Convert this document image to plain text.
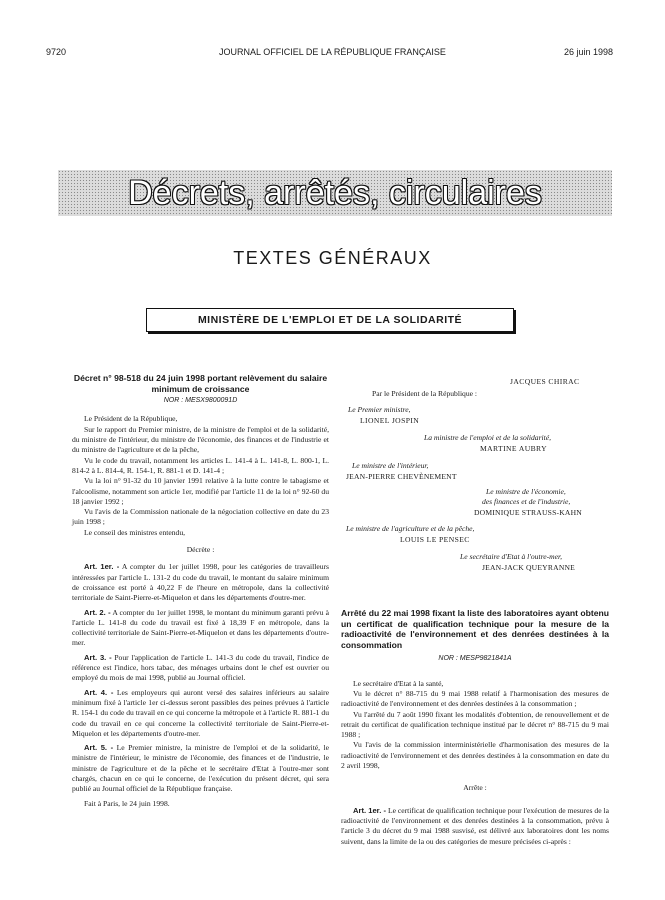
9720	JOURNAL OFFICIEL DE LA RÉPUBLIQUE FRANÇAISE	26 juin 1998
Décrets, arrêtés, circulaires
TEXTES GÉNÉRAUX
MINISTÈRE DE L'EMPLOI ET DE LA SOLIDARITÉ
Décret n° 98-518 du 24 juin 1998 portant relèvement du salaire minimum de croissance
NOR : MESX9800091D

Le Président de la République,

Sur le rapport du Premier ministre, de la ministre de l'emploi et de la solidarité, du ministre de l'intérieur, du ministre de l'économie, des finances et de l'industrie et du ministre de l'agriculture et de la pêche,

Vu le code du travail, notamment les articles L. 141-4 à L. 141-8, L. 800-1, L. 814-2 à L. 814-4, R. 154-1, R. 881-1 et D. 141-4 ;

Vu la loi n° 91-32 du 10 janvier 1991 relative à la lutte contre le tabagisme et l'alcoolisme, notamment son article 1er, modifié par l'article 11 de la loi n° 92-60 du 18 janvier 1992 ;

Vu l'avis de la Commission nationale de la négociation collective en date du 23 juin 1998 ;

Le conseil des ministres entendu,

Décrète :

Art. 1er. - A compter du 1er juillet 1998, pour les catégories de travailleurs intéressées par l'article L. 131-2 du code du travail, le montant du salaire minimum de croissance est porté à 40,22 F de l'heure en métropole, dans la collectivité territoriale de Saint-Pierre-et-Miquelon et dans les départements d'outre-mer.

Art. 2. - A compter du 1er juillet 1998, le montant du minimum garanti prévu à l'article L. 141-8 du code du travail est fixé à 18,39 F en métropole, dans la collectivité territoriale de Saint-Pierre-et-Miquelon et dans les départements d'outre-mer.

Art. 3. - Pour l'application de l'article L. 141-3 du code du travail, l'indice de référence est l'indice, hors tabac, des ménages urbains dont le chef est ouvrier ou employé du mois de mai 1998, publié au Journal officiel.

Art. 4. - Les employeurs qui auront versé des salaires inférieurs au salaire minimum fixé à l'article 1er ci-dessus seront passibles des peines prévues à l'article R. 154-1 du code du travail en ce qui concerne la métropole et à l'article R. 881-1 du code du travail en ce qui concerne la collectivité territoriale de Saint-Pierre-et-Miquelon et les départements d'outre-mer.

Art. 5. - Le Premier ministre, la ministre de l'emploi et de la solidarité, le ministre de l'intérieur, le ministre de l'économie, des finances et de l'industrie, le ministre de l'agriculture et de la pêche et le secrétaire d'Etat à l'outre-mer sont chargés, chacun en ce qui le concerne, de l'exécution du présent décret, qui sera publié au Journal officiel de la République française.

Fait à Paris, le 24 juin 1998.

JACQUES CHIRAC
Par le Président de la République :
Le Premier ministre,
LIONEL JOSPIN
La ministre de l'emploi et de la solidarité,
MARTINE AUBRY
Le ministre de l'intérieur,
JEAN-PIERRE CHEVÈNEMENT
Le ministre de l'économie,
des finances et de l'industrie,
DOMINIQUE STRAUSS-KAHN
Le ministre de l'agriculture et de la pêche,
LOUIS LE PENSEC
Le secrétaire d'Etat à l'outre-mer,
JEAN-JACK QUEYRANNE
Arrêté du 22 mai 1998 fixant la liste des laboratoires ayant obtenu un certificat de qualification technique pour la mesure de la radioactivité de l'environnement et des denrées destinées à la consommation
NOR : MESP9821841A

Le secrétaire d'Etat à la santé,

Vu le décret n° 88-715 du 9 mai 1988 relatif à l'harmonisation des mesures de radioactivité de l'environnement et des denrées destinées à la consommation ;

Vu l'arrêté du 7 août 1990 fixant les modalités d'obtention, de renouvellement et de retrait du certificat de qualification technique institué par le décret n° 88-715 du 9 mai 1988 ;

Vu l'avis de la commission interministérielle d'harmonisation des mesures de la radioactivité de l'environnement et des denrées destinées à la consommation en date du 2 avril 1998,

Arrête :

Art. 1er. - Le certificat de qualification technique pour l'exécution de mesures de la radioactivité de l'environnement et des denrées destinées à la consommation, prévu à l'article 3 du décret du 9 mai 1988 susvisé, est délivré aux laboratoires dont les noms suivent, dans la limite de la ou des catégories de mesure précisées ci-après :
